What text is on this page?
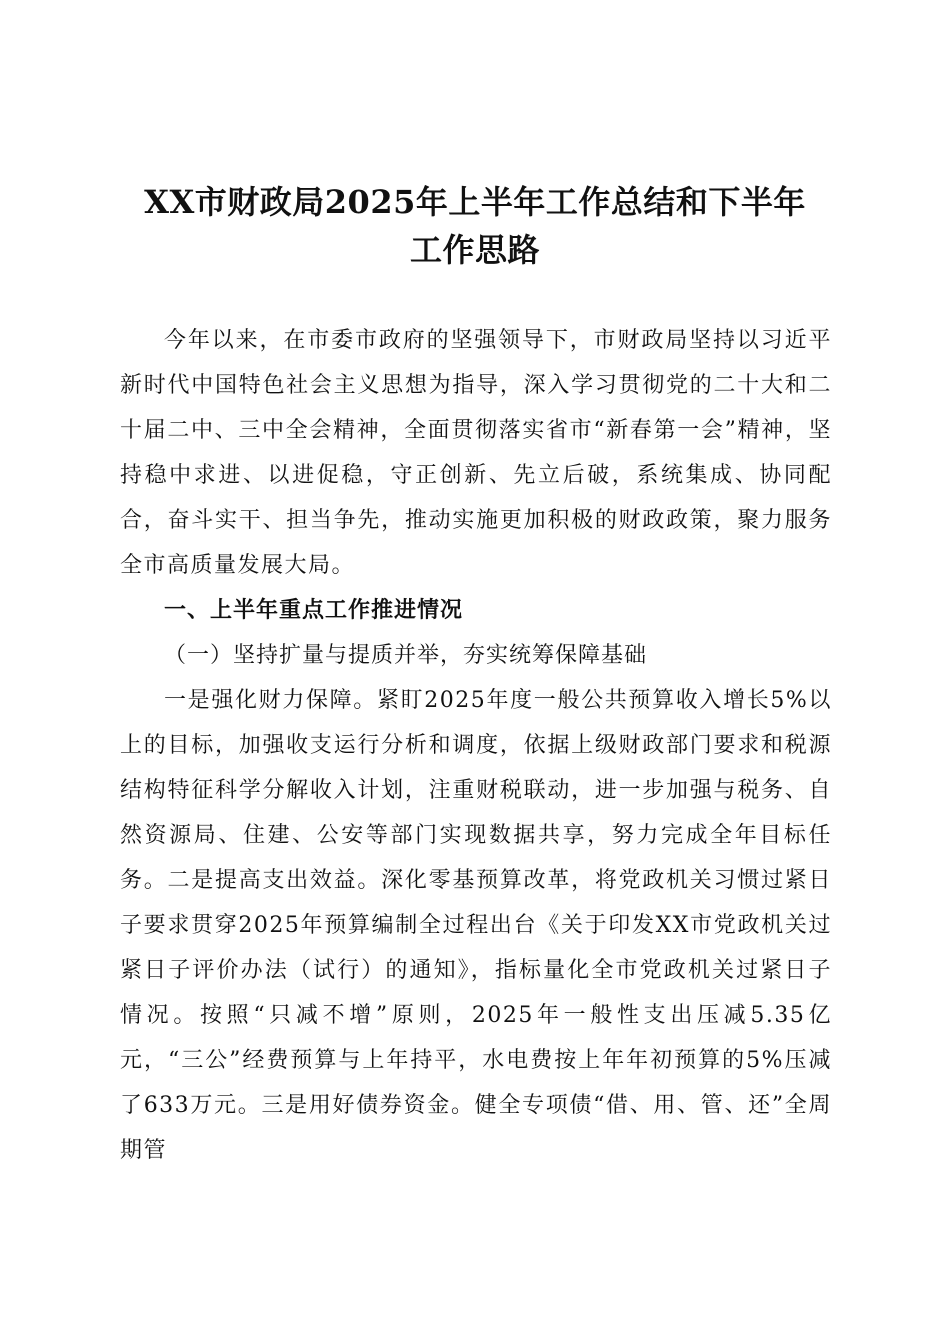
XX市财政局2025年上半年工作总结和下半年
工作思路

今年以来，在市委市政府的坚强领导下，市财政局坚持以习近平新时代中国特色社会主义思想为指导，深入学习贯彻党的二十大和二十届二中、三中全会精神，全面贯彻落实省市“新春第一会”精神，坚持稳中求进、以进促稳，守正创新、先立后破，系统集成、协同配合，奋斗实干、担当争先，推动实施更加积极的财政政策，聚力服务全市高质量发展大局。

一、上半年重点工作推进情况

（一）坚持扩量与提质并举，夯实统筹保障基础

一是强化财力保障。紧盯2025年度一般公共预算收入增长5%以上的目标，加强收支运行分析和调度，依据上级财政部门要求和税源结构特征科学分解收入计划，注重财税联动，进一步加强与税务、自然资源局、住建、公安等部门实现数据共享，努力完成全年目标任务。二是提高支出效益。深化零基预算改革，将党政机关习惯过紧日子要求贯穿2025年预算编制全过程出台《关于印发XX市党政机关过紧日子评价办法（试行）的通知》，指标量化全市党政机关过紧日子情况。按照“只减不增”原则，2025年一般性支出压减5.35亿元，“三公”经费预算与上年持平，水电费按上年年初预算的5%压减了633万元。三是用好债券资金。健全专项债“借、用、管、还”全周期管
